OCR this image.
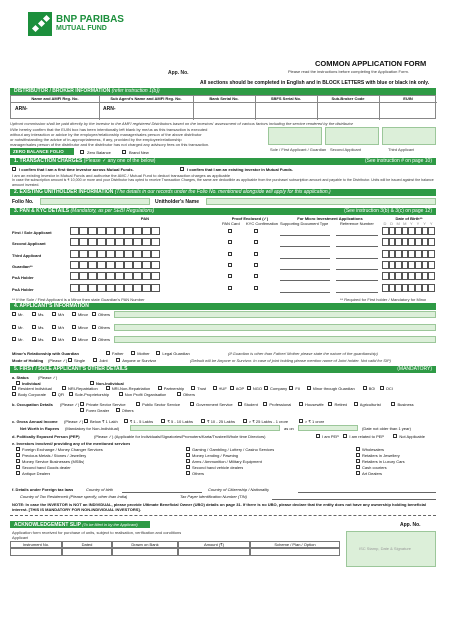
BNP PARIBAS
MUTUAL FUND
App. No.
COMMON APPLICATION FORM
Please read the instructions before completing the Application Form.
All sections should be completed in English and in BLOCK LETTERS with blue or black ink only.
DISTRIBUTOR / BROKER INFORMATION (refer instruction 1(b))
Name and AMFI Reg. No.	Sub Agent's Name and AMFI Reg. No.	Bank Serial No.	SBFS Serial No.	Sub-Broker Code	EUIN
ARN-	ARN-
Upfront commission shall be paid directly by the investor to the AMFI registered Distributors based on the investors' assessment of various factors including the service rendered by the distributor
I/We hereby confirm that the EUIN box has been intentionally left blank by me/us as this transaction is executed
without any interaction or advice by the employee/relationship manager/sales person of the above distributor
or notwithstanding the advice of in-appropriateness, if any, provided by the employee/relationship
manager/sales person of the distributor and the distributor has not charged any advisory fees on this transaction.
Sole / First Applicant / Guardian Second Applicant	Third Applicant
ZERO BALANCE FOLIO	Zero Balance	Brand New
1. TRANSACTION CHARGES (Please ✓ any one of the below)	(See instruction # on page 10)
I confirm that I am a first time investor across Mutual Funds.	I confirm that I am an existing investor in Mutual Funds.
I am an existing investor in Mutual Funds and authorise the AMC / Mutual Fund to deduct transaction charges as applicable
In case the subscription amount is ₹ 10,000 or more and your Distributor has opted to receive Transaction Charges, the same are deductible as applicable from the purchase/ subscription amount and payable to the Distributor. Units will be issued against the balance amount invested.
2. EXISTING UNITHOLDER INFORMATION (The details in our records under the Folio No. mentioned alongside will apply for this application.)
Folio No.	Unitholder's Name
3. PAN & KYC DETAILS (Mandatory, as per SEBI Regulations)	(See instruction 3(b) & 3(c) on page 12)
PAN	Proof Enclosed (✓)
PAN Card KYC Confirmation
For Micro Investment Applications
Supporting Document Type	Reference Number
Date of Birth**
D D M M Y Y Y Y
First / Sole Applicant
Second Applicant
Third Applicant
Guardian**
PoA Holder
PoA Holder
** If the Sole / First Applicant is a Minor then state Guardian's PAN Number	** Required for First holder / Mandatory for Minor
4. APPLICANT'S INFORMATION
Mr.	Ms.	M/s	Minor Others
Mr.	Ms.	M/s	Minor Others
Mr.	Ms.	M/s	Minor Others
Minor's Relationship with Guardian	Father	Mother	Legal Guardian	(If Guardian is other than Father/ Mother please state the nature of the guardianship)
Mode of Holding (Please ✓) Single	Joint	Anyone or Survivor	(Default will be Anyone or Survivor. In case of joint holding please mention name of Joint holder. Not valid for SIP)
5. FIRST / SOLE APPLICANT'S OTHER DETAILS	(MANDATORY)
a. Status (Please ✓)
Individual	Non-Individual
Resident Individual	NRI-Repatriation	NRI-Non-Repatriation	Partnership	Trust	HUF AOP NGO Company FII	Minor through Guardian	BOI	OCI
Body Corporate	QFI	Sole-Proprietorship	Non Profit Organisation	Others
b. Occupation Details (Please ✓) Private Sector Service	Public Sector Service	Government Service	Student	Professional	Housewife	Retired	Agriculturist	Business
Forex Dealer	Others
c. Gross Annual Income (Please ✓) Below ₹ 1 Lakh	₹ 1 - 5 Lakhs	₹ 5 - 10 Lakhs	₹ 10 - 25 Lakhs	> ₹ 25 Lakhs - 1 crore	> ₹ 1 crore
Net Worth in Rupees (Mandatory for Non-Individual)	as on	(Date not older than 1 year)
d. Politically Exposed Person (PEP)	(Please ✓) (Applicable for Individuals/Signatories/Promoters/Karta/Trustee/Whole time Directors)	I am PEP	I am related to PEP	Not Applicable
e. Investors involved/ providing any of the mentioned services
Foreign Exchange / Money Changer Services	Gaming / Gambling / Lottery / Casino Services
Precious Metals / Stones / Jewellery	Money Lending / Pawning
Money Service Businesses (MSBs)	Arms / Ammunition / Military Equipment
Second hand Goods dealer	Second hand vehicle dealers
Antique Dealers	Others
Wholesalers
Retailers in Jewellery
Retailers in Luxury Cars
Cash couriers
Art Dealers
f. Details under Foreign tax laws	Country of birth	Country of Citizenship / Nationality
Country of Tax Residence# (Please specify, other than India)	Tax Payer Identification Number (TIN)
NOTE: In case the INVESTOR is NOT an INDIVIDUAL, please provide Ultimate Beneficial Owner (UBO) details on page 31. If there is no UBO, please declare that the entity does not have any ownership holding beneficial interest. [THIS IS MANDATORY FOR NON-INDIVIDUAL INVESTORS].
ACKNOWLEDGEMENT SLIP (To be filled in by the Applicant)	App. No.
Application form received for purchase of units, subject to realisation, verification and conditions
Applicant
Instrument No.	Dated	Drawn on Bank	Amount (₹)	Scheme / Plan / Option
ISC Stamp, Date & Signature
